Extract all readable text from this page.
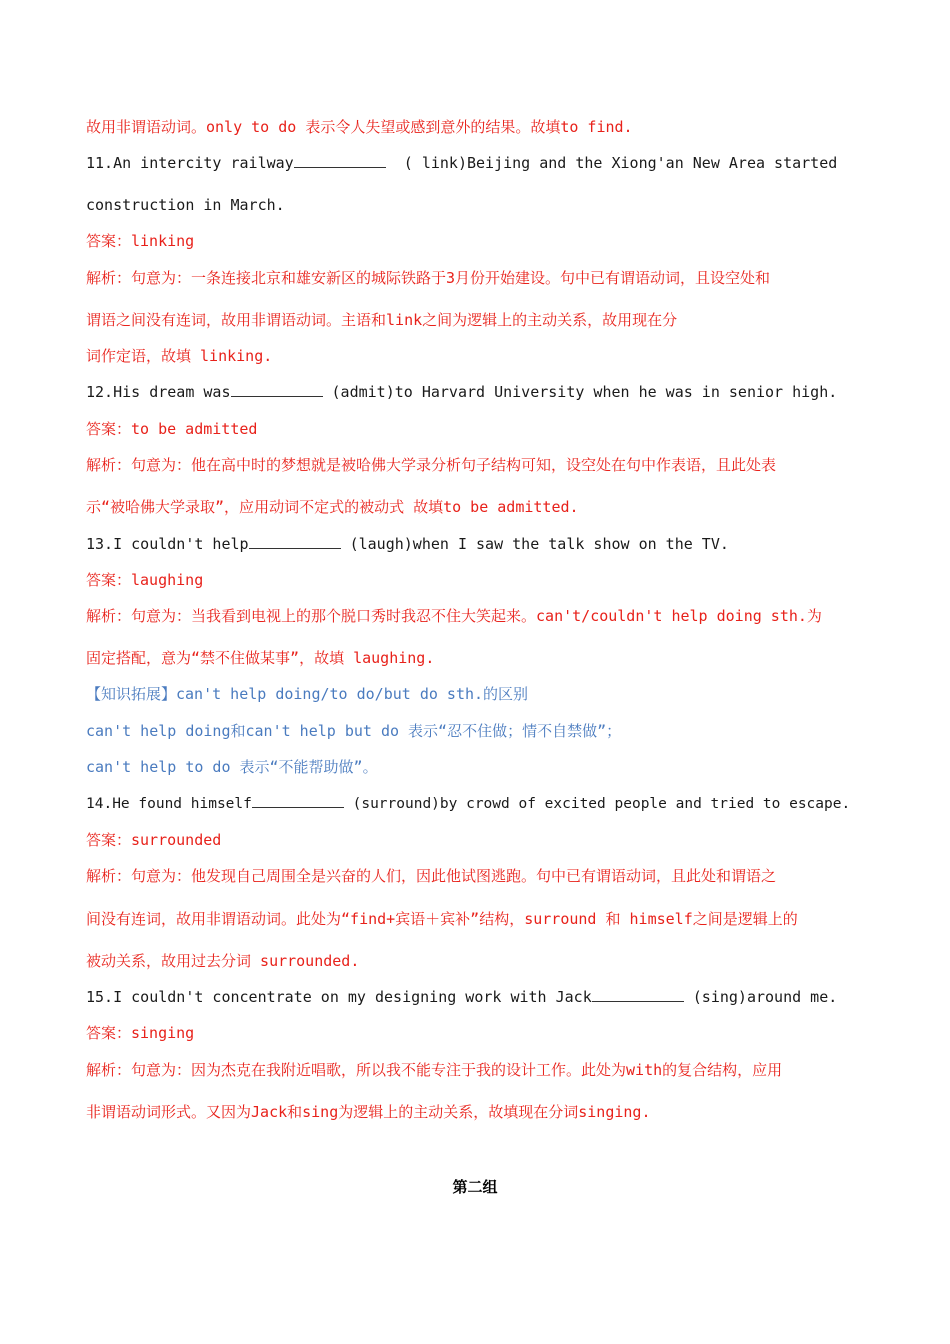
故用非谓语动词。only to do 表示令人失望或感到意外的结果。故填to find.
11.An intercity railway	( link)Beijing and the Xiong'an New Area started
construction in March.
答案：linking
解析：句意为：一条连接北京和雄安新区的城际铁路于3月份开始建设。句中已有谓语动词，且设空处和
谓语之间没有连词，故用非谓语动词。主语和link之间为逻辑上的主动关系，故用现在分
词作定语，故填 linking.
12.His dream was	(admit)to Harvard University when he was in senior high.
答案：to be admitted
解析：句意为：他在高中时的梦想就是被哈佛大学录分析句子结构可知，设空处在句中作表语，且此处表
示“被哈佛大学录取”，应用动词不定式的被动式 故填to be admitted.
13.I couldn't help	(laugh)when I saw the talk show on the TV.
答案：laughing
解析：句意为：当我看到电视上的那个脱口秀时我忍不住大笑起来。can't/couldn't help doing sth.为
固定搭配，意为“禁不住做某事”，故填 laughing.
【知识拓展】can't help doing/to do/but do sth.的区别
can't help doing和can't help but do 表示“忍不住做；情不自禁做”；
can't help to do 表示“不能帮助做”。
14.He found himself	(surround)by crowd of excited people and tried to escape.
答案：surrounded
解析：句意为：他发现自己周围全是兴奋的人们，因此他试图逃跑。句中已有谓语动词，且此处和谓语之
间没有连词，故用非谓语动词。此处为“find+宾语＋宾补”结构，surround 和 himself之间是逻辑上的
被动关系，故用过去分词 surrounded.
15.I couldn't concentrate on my designing work with Jack	(sing)around me.
答案：singing
解析：句意为：因为杰克在我附近唱歌，所以我不能专注于我的设计工作。此处为with的复合结构，应用
非谓语动词形式。又因为Jack和sing为逻辑上的主动关系，故填现在分词singing.
第二组
